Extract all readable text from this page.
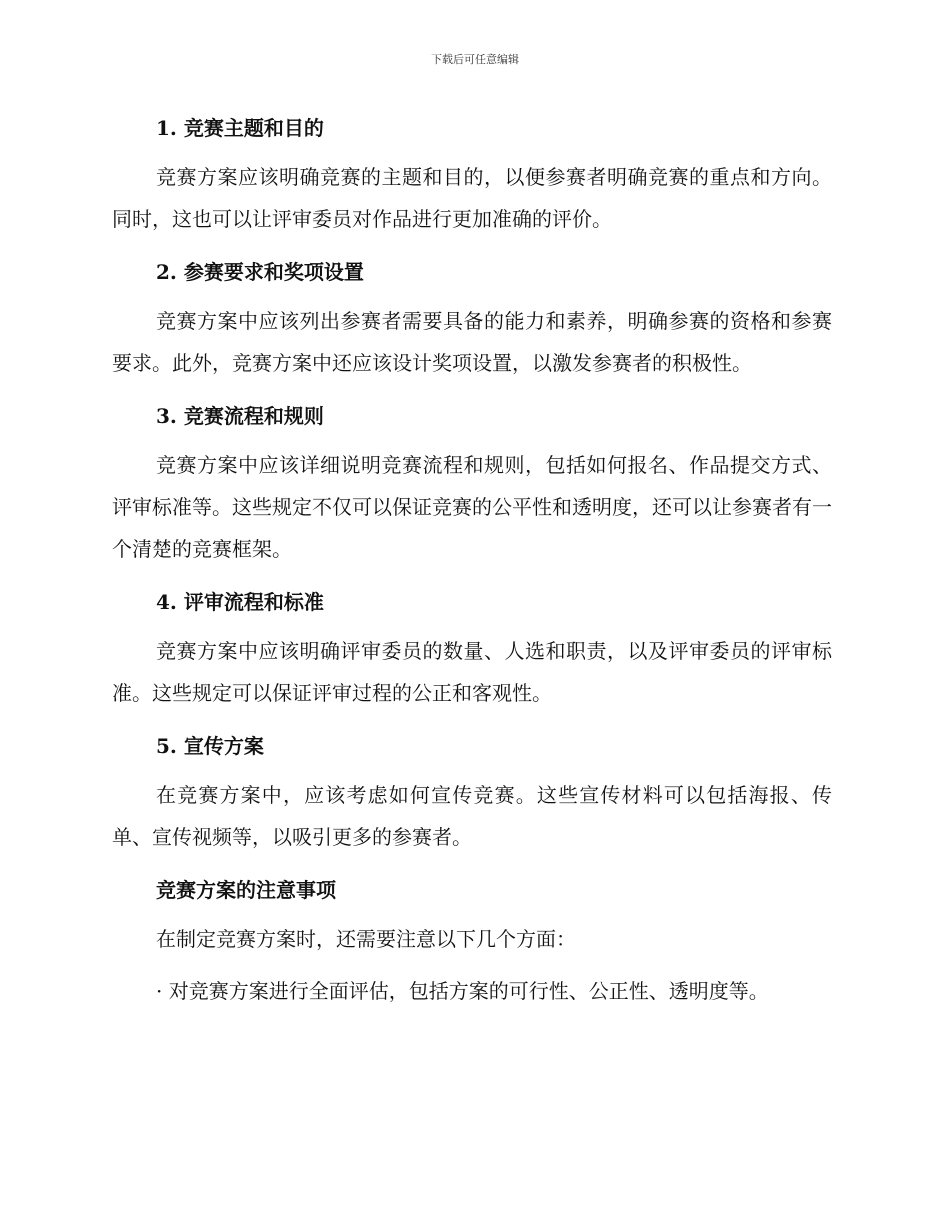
下载后可任意编辑
1. 竞赛主题和目的

竞赛方案应该明确竞赛的主题和目的，以便参赛者明确竞赛的重点和方向。同时，这也可以让评审委员对作品进行更加准确的评价。

2. 参赛要求和奖项设置

竞赛方案中应该列出参赛者需要具备的能力和素养，明确参赛的资格和参赛要求。此外，竞赛方案中还应该设计奖项设置，以激发参赛者的积极性。

3. 竞赛流程和规则

竞赛方案中应该详细说明竞赛流程和规则，包括如何报名、作品提交方式、评审标准等。这些规定不仅可以保证竞赛的公平性和透明度，还可以让参赛者有一个清楚的竞赛框架。

4. 评审流程和标准

竞赛方案中应该明确评审委员的数量、人选和职责，以及评审委员的评审标准。这些规定可以保证评审过程的公正和客观性。

5. 宣传方案

在竞赛方案中，应该考虑如何宣传竞赛。这些宣传材料可以包括海报、传单、宣传视频等，以吸引更多的参赛者。

竞赛方案的注意事项

在制定竞赛方案时，还需要注意以下几个方面：

· 对竞赛方案进行全面评估，包括方案的可行性、公正性、透明度等。
